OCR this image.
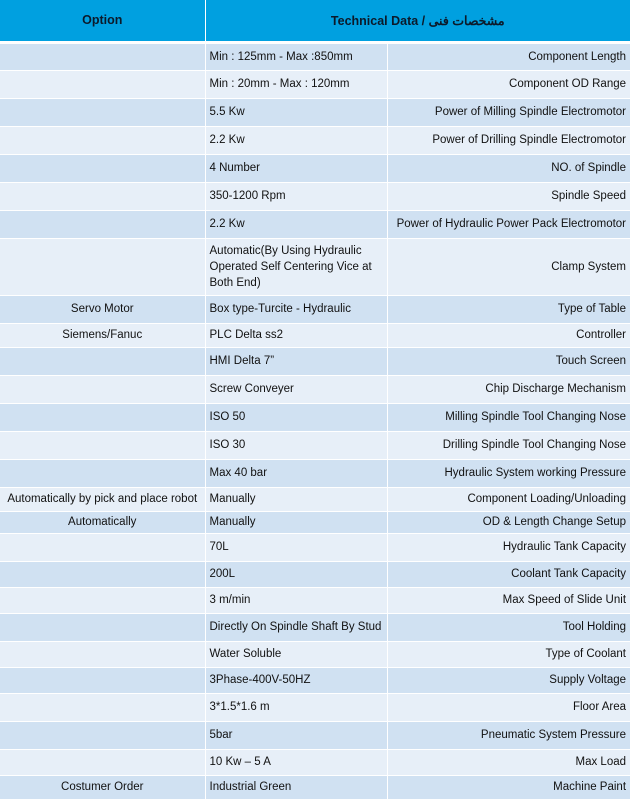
Option	Technical Data / مشخصات فنی	
	Min : 125mm - Max :850mm	Component Length
	Min : 20mm - Max : 120mm	Component OD Range
	5.5 Kw	Power of Milling Spindle Electromotor
	2.2 Kw	Power of Drilling Spindle Electromotor
	4 Number	NO. of Spindle
	350-1200 Rpm	Spindle Speed
	2.2 Kw	Power of Hydraulic Power Pack Electromotor
	Automatic(By Using Hydraulic Operated Self Centering Vice at Both End)	Clamp System
Servo Motor	Box type-Turcite - Hydraulic	Type of Table
Siemens/Fanuc	PLC Delta ss2	Controller
	HMI Delta 7”	Touch Screen
	Screw Conveyer	Chip Discharge Mechanism
	ISO 50	Milling Spindle Tool Changing Nose
	ISO 30	Drilling Spindle Tool Changing Nose
	Max 40 bar	Hydraulic System working Pressure
Automatically by pick and place robot	Manually	Component Loading/Unloading
Automatically	Manually	OD & Length Change Setup
	70L	Hydraulic Tank Capacity
	200L	Coolant Tank Capacity
	3 m/min	Max Speed of Slide Unit
	Directly On Spindle Shaft By Stud	Tool Holding
	Water Soluble	Type of Coolant
	3Phase-400V-50HZ	Supply Voltage
	3*1.5*1.6 m	Floor Area
	5bar	Pneumatic System Pressure
	10 Kw – 5 A	Max Load
Costumer Order	Industrial Green	Machine Paint
